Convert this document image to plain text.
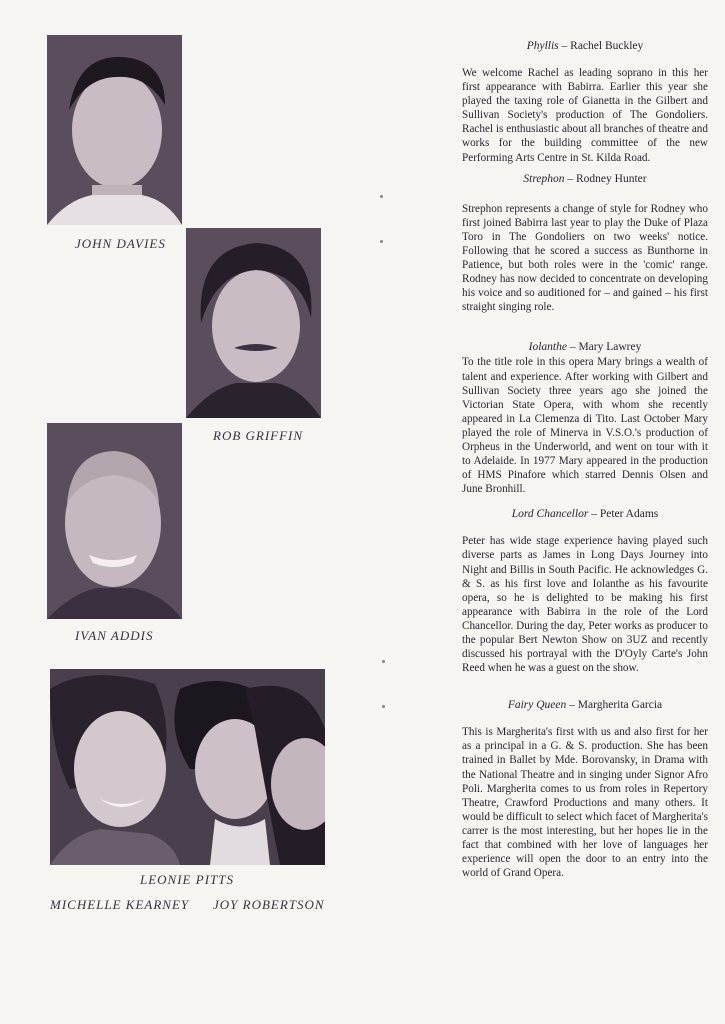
JOHN DAVIES
ROB GRIFFIN
IVAN ADDIS
LEONIE PITTS
MICHELLE KEARNEY JOY ROBERTSON

Phyllis – Rachel Buckley

We welcome Rachel as leading soprano in this her first appearance with Babirra. Earlier this year she played the taxing role of Gianetta in the Gilbert and Sullivan Society's production of The Gondoliers. Rachel is enthusiastic about all branches of theatre and works for the building committee of the new Performing Arts Centre in St. Kilda Road.

Strephon – Rodney Hunter

Strephon represents a change of style for Rodney who first joined Babirra last year to play the Duke of Plaza Toro in The Gondoliers on two weeks' notice. Following that he scored a success as Bunthorne in Patience, but both roles were in the 'comic' range. Rodney has now decided to concentrate on developing his voice and so auditioned for – and gained – his first straight singing role.

Iolanthe – Mary Lawrey

To the title role in this opera Mary brings a wealth of talent and experience. After working with Gilbert and Sullivan Society three years ago she joined the Victorian State Opera, with whom she recently appeared in La Clemenza di Tito. Last October Mary played the role of Minerva in V.S.O.'s production of Orpheus in the Underworld, and went on tour with it to Adelaide. In 1977 Mary appeared in the production of HMS Pinafore which starred Dennis Olsen and June Bronhill.

Lord Chancellor – Peter Adams

Peter has wide stage experience having played such diverse parts as James in Long Days Journey into Night and Billis in South Pacific. He acknowledges G. & S. as his first love and Iolanthe as his favourite opera, so he is delighted to be making his first appearance with Babirra in the role of the Lord Chancellor. During the day, Peter works as producer to the popular Bert Newton Show on 3UZ and recently discussed his portrayal with the D'Oyly Carte's John Reed when he was a guest on the show.

Fairy Queen – Margherita Garcia

This is Margherita's first with us and also first for her as a principal in a G. & S. production. She has been trained in Ballet by Mde. Borovansky, in Drama with the National Theatre and in singing under Signor Afro Poli. Margherita comes to us from roles in Repertory Theatre, Crawford Productions and many others. It would be difficult to select which facet of Margherita's carrer is the most interesting, but her hopes lie in the fact that combined with her love of languages her experience will open the door to an entry into the world of Grand Opera.
